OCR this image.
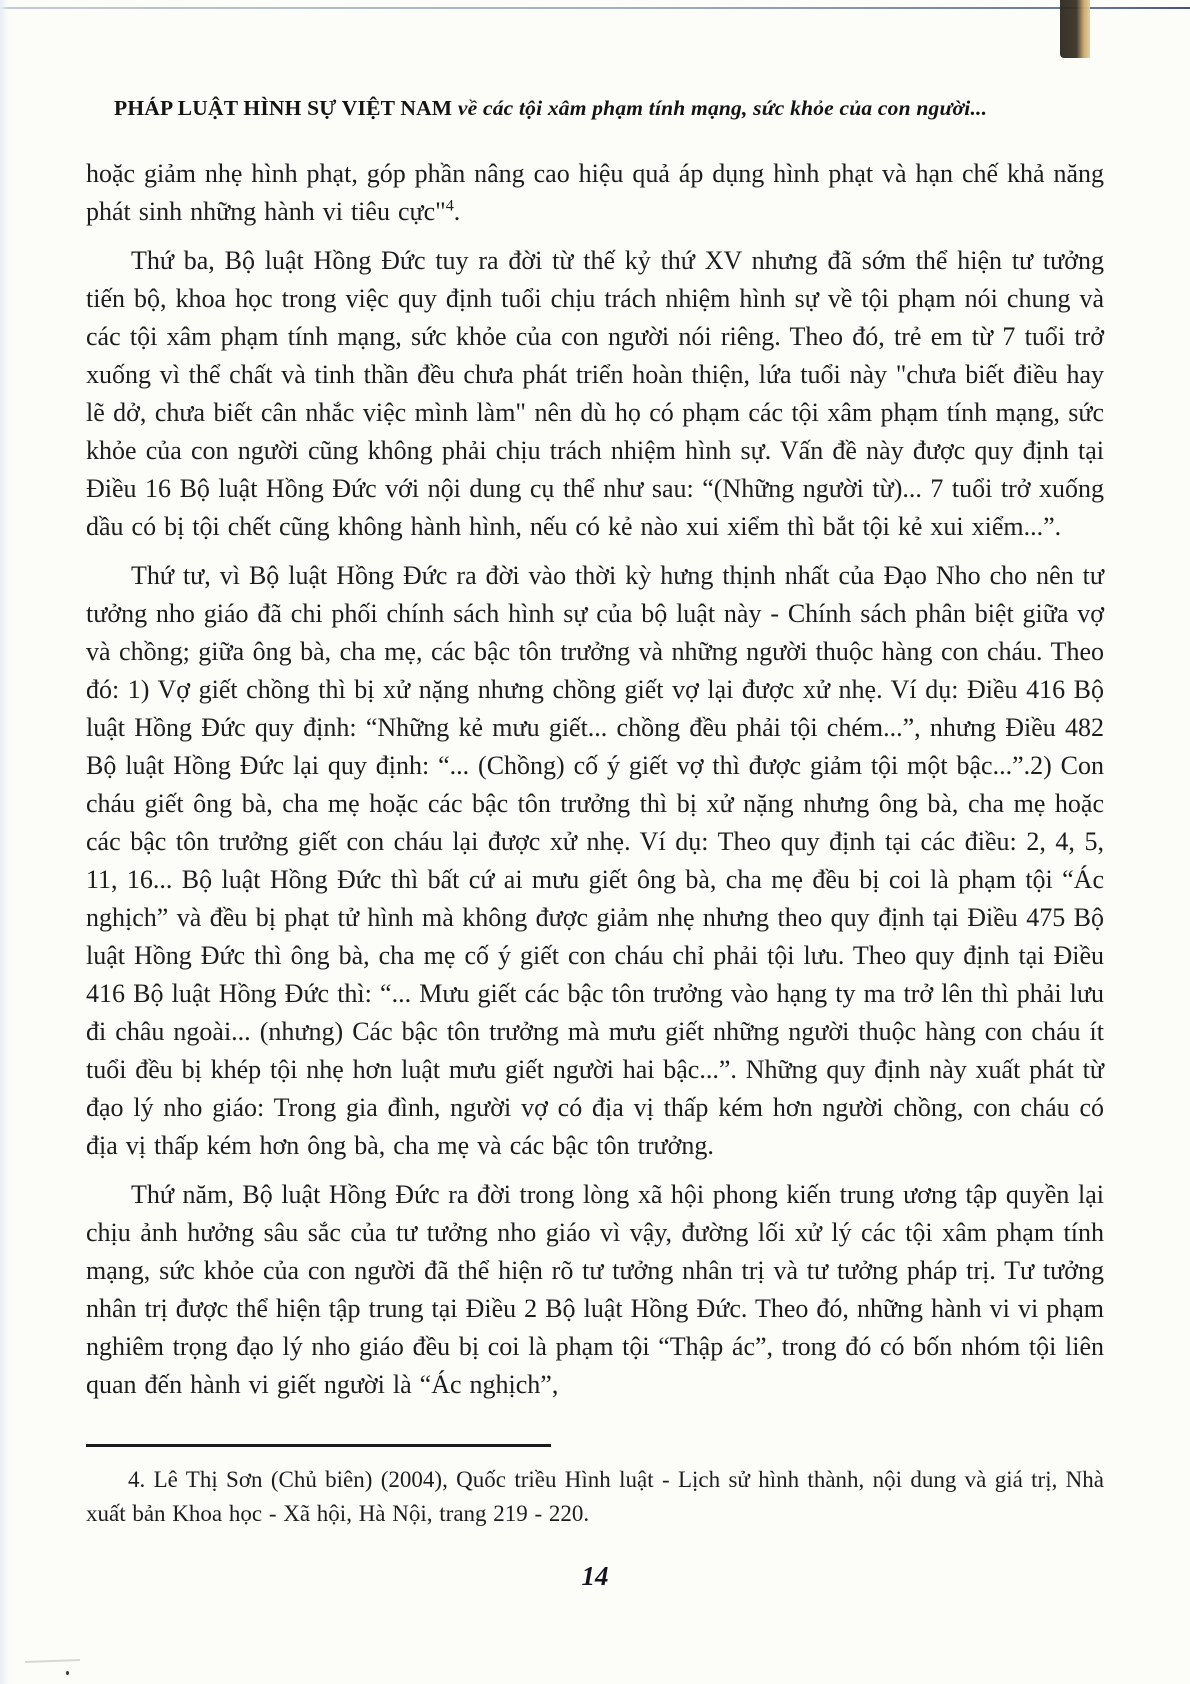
PHÁP LUẬT HÌNH SỰ VIỆT NAM về các tội xâm phạm tính mạng, sức khỏe của con người...

hoặc giảm nhẹ hình phạt, góp phần nâng cao hiệu quả áp dụng hình phạt và hạn chế khả năng phát sinh những hành vi tiêu cực"$^4$.

Thứ ba, Bộ luật Hồng Đức tuy ra đời từ thế kỷ thứ XV nhưng đã sớm thể hiện tư tưởng tiến bộ, khoa học trong việc quy định tuổi chịu trách nhiệm hình sự về tội phạm nói chung và các tội xâm phạm tính mạng, sức khỏe của con người nói riêng. Theo đó, trẻ em từ 7 tuổi trở xuống vì thể chất và tinh thần đều chưa phát triển hoàn thiện, lứa tuổi này "chưa biết điều hay lẽ dở, chưa biết cân nhắc việc mình làm" nên dù họ có phạm các tội xâm phạm tính mạng, sức khỏe của con người cũng không phải chịu trách nhiệm hình sự. Vấn đề này được quy định tại Điều 16 Bộ luật Hồng Đức với nội dung cụ thể như sau: “(Những người từ)... 7 tuổi trở xuống dầu có bị tội chết cũng không hành hình, nếu có kẻ nào xui xiểm thì bắt tội kẻ xui xiểm...”.

Thứ tư, vì Bộ luật Hồng Đức ra đời vào thời kỳ hưng thịnh nhất của Đạo Nho cho nên tư tưởng nho giáo đã chi phối chính sách hình sự của bộ luật này - Chính sách phân biệt giữa vợ và chồng; giữa ông bà, cha mẹ, các bậc tôn trưởng và những người thuộc hàng con cháu. Theo đó: 1) Vợ giết chồng thì bị xử nặng nhưng chồng giết vợ lại được xử nhẹ. Ví dụ: Điều 416 Bộ luật Hồng Đức quy định: “Những kẻ mưu giết... chồng đều phải tội chém...”, nhưng Điều 482 Bộ luật Hồng Đức lại quy định: “... (Chồng) cố ý giết vợ thì được giảm tội một bậc...”.2) Con cháu giết ông bà, cha mẹ hoặc các bậc tôn trưởng thì bị xử nặng nhưng ông bà, cha mẹ hoặc các bậc tôn trưởng giết con cháu lại được xử nhẹ. Ví dụ: Theo quy định tại các điều: 2, 4, 5, 11, 16... Bộ luật Hồng Đức thì bất cứ ai mưu giết ông bà, cha mẹ đều bị coi là phạm tội “Ác nghịch” và đều bị phạt tử hình mà không được giảm nhẹ nhưng theo quy định tại Điều 475 Bộ luật Hồng Đức thì ông bà, cha mẹ cố ý giết con cháu chỉ phải tội lưu. Theo quy định tại Điều 416 Bộ luật Hồng Đức thì: “... Mưu giết các bậc tôn trưởng vào hạng ty ma trở lên thì phải lưu đi châu ngoài... (nhưng) Các bậc tôn trưởng mà mưu giết những người thuộc hàng con cháu ít tuổi đều bị khép tội nhẹ hơn luật mưu giết người hai bậc...”. Những quy định này xuất phát từ đạo lý nho giáo: Trong gia đình, người vợ có địa vị thấp kém hơn người chồng, con cháu có địa vị thấp kém hơn ông bà, cha mẹ và các bậc tôn trưởng.

Thứ năm, Bộ luật Hồng Đức ra đời trong lòng xã hội phong kiến trung ương tập quyền lại chịu ảnh hưởng sâu sắc của tư tưởng nho giáo vì vậy, đường lối xử lý các tội xâm phạm tính mạng, sức khỏe của con người đã thể hiện rõ tư tưởng nhân trị và tư tưởng pháp trị. Tư tưởng nhân trị được thể hiện tập trung tại Điều 2 Bộ luật Hồng Đức. Theo đó, những hành vi vi phạm nghiêm trọng đạo lý nho giáo đều bị coi là phạm tội “Thập ác”, trong đó có bốn nhóm tội liên quan đến hành vi giết người là “Ác nghịch”,

4. Lê Thị Sơn (Chủ biên) (2004), Quốc triều Hình luật - Lịch sử hình thành, nội dung và giá trị, Nhà xuất bản Khoa học - Xã hội, Hà Nội, trang 219 - 220.

14
